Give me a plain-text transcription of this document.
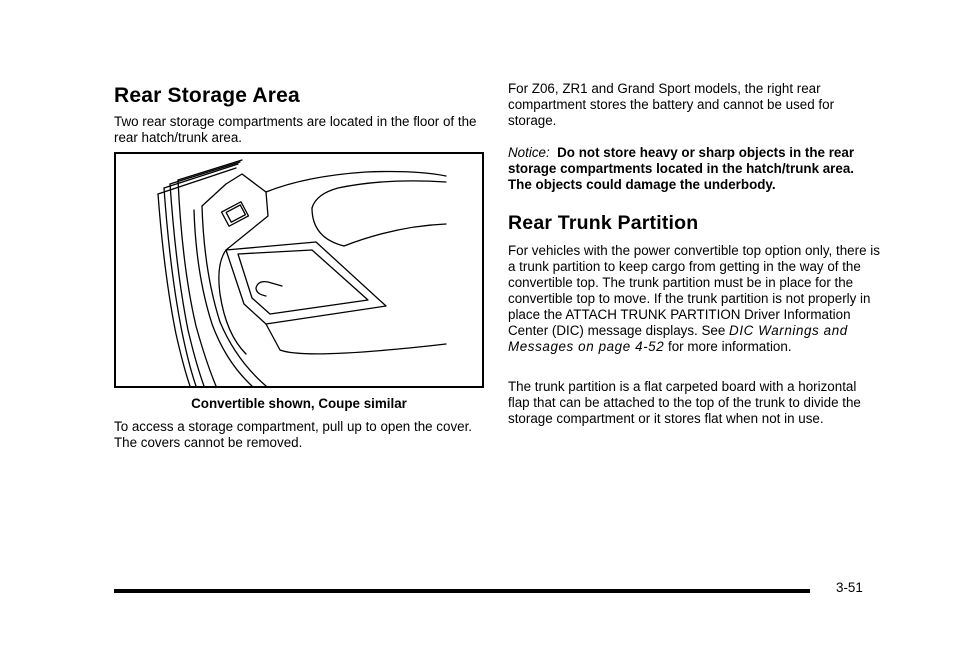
Rear Storage Area

Two rear storage compartments are located in the floor of the rear hatch/trunk area.

Convertible shown, Coupe similar

To access a storage compartment, pull up to open the cover. The covers cannot be removed.

For Z06, ZR1 and Grand Sport models, the right rear compartment stores the battery and cannot be used for storage.

Notice: Do not store heavy or sharp objects in the rear storage compartments located in the hatch/trunk area. The objects could damage the underbody.

Rear Trunk Partition

For vehicles with the power convertible top option only, there is a trunk partition to keep cargo from getting in the way of the convertible top. The trunk partition must be in place for the convertible top to move. If the trunk partition is not properly in place the ATTACH TRUNK PARTITION Driver Information Center (DIC) message displays. See DIC Warnings and Messages on page 4-52 for more information.

The trunk partition is a flat carpeted board with a horizontal flap that can be attached to the top of the trunk to divide the storage compartment or it stores flat when not in use.

3-51
